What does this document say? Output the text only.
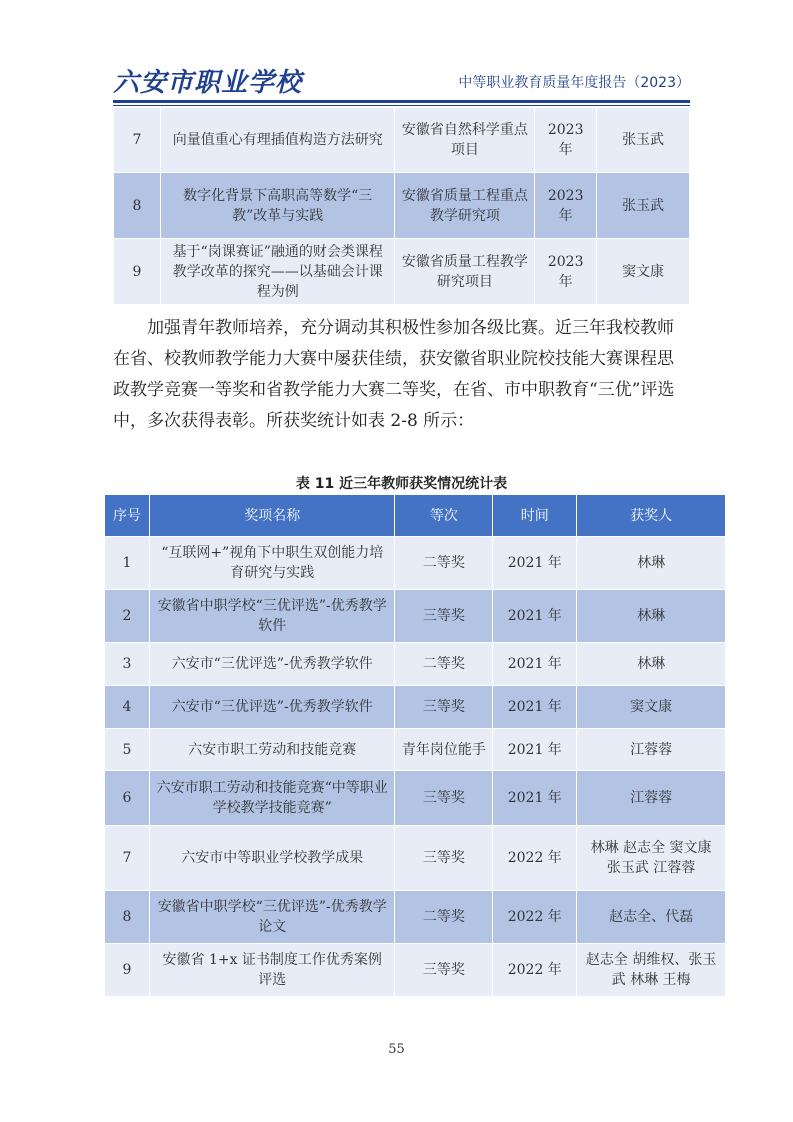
六安市职业学校	中等职业教育质量年度报告（2023）
7	向量值重心有理插值构造方法研究	安徽省自然科学重点项目	2023年	张玉武
8	数字化背景下高职高等数学“三教”改革与实践	安徽省质量工程重点教学研究项	2023年	张玉武
9	基于“岗课赛证”融通的财会类课程教学改革的探究——以基础会计课程为例	安徽省质量工程教学研究项目	2023年	窦文康
加强青年教师培养，充分调动其积极性参加各级比赛。近三年我校教师在省、校教师教学能力大赛中屡获佳绩，获安徽省职业院校技能大赛课程思政教学竞赛一等奖和省教学能力大赛二等奖，在省、市中职教育“三优”评选中，多次获得表彰。所获奖统计如表 2-8 所示：
表 11 近三年教师获奖情况统计表
序号	奖项名称	等次	时间	获奖人
1	“互联网+”视角下中职生双创能力培育研究与实践	二等奖	2021 年	林琳
2	安徽省中职学校“三优评选”-优秀教学软件	三等奖	2021 年	林琳
3	六安市“三优评选”-优秀教学软件	二等奖	2021 年	林琳
4	六安市“三优评选”-优秀教学软件	三等奖	2021 年	窦文康
5	六安市职工劳动和技能竞赛	青年岗位能手	2021 年	江蓉蓉
6	六安市职工劳动和技能竞赛“中等职业学校教学技能竞赛”	三等奖	2021 年	江蓉蓉
7	六安市中等职业学校教学成果	三等奖	2022 年	林琳 赵志全 窦文康 张玉武 江蓉蓉
8	安徽省中职学校“三优评选”-优秀教学论文	二等奖	2022 年	赵志全、代磊
9	安徽省 1+x 证书制度工作优秀案例评选	三等奖	2022 年	赵志全 胡维权、张玉武 林琳 王梅
55
